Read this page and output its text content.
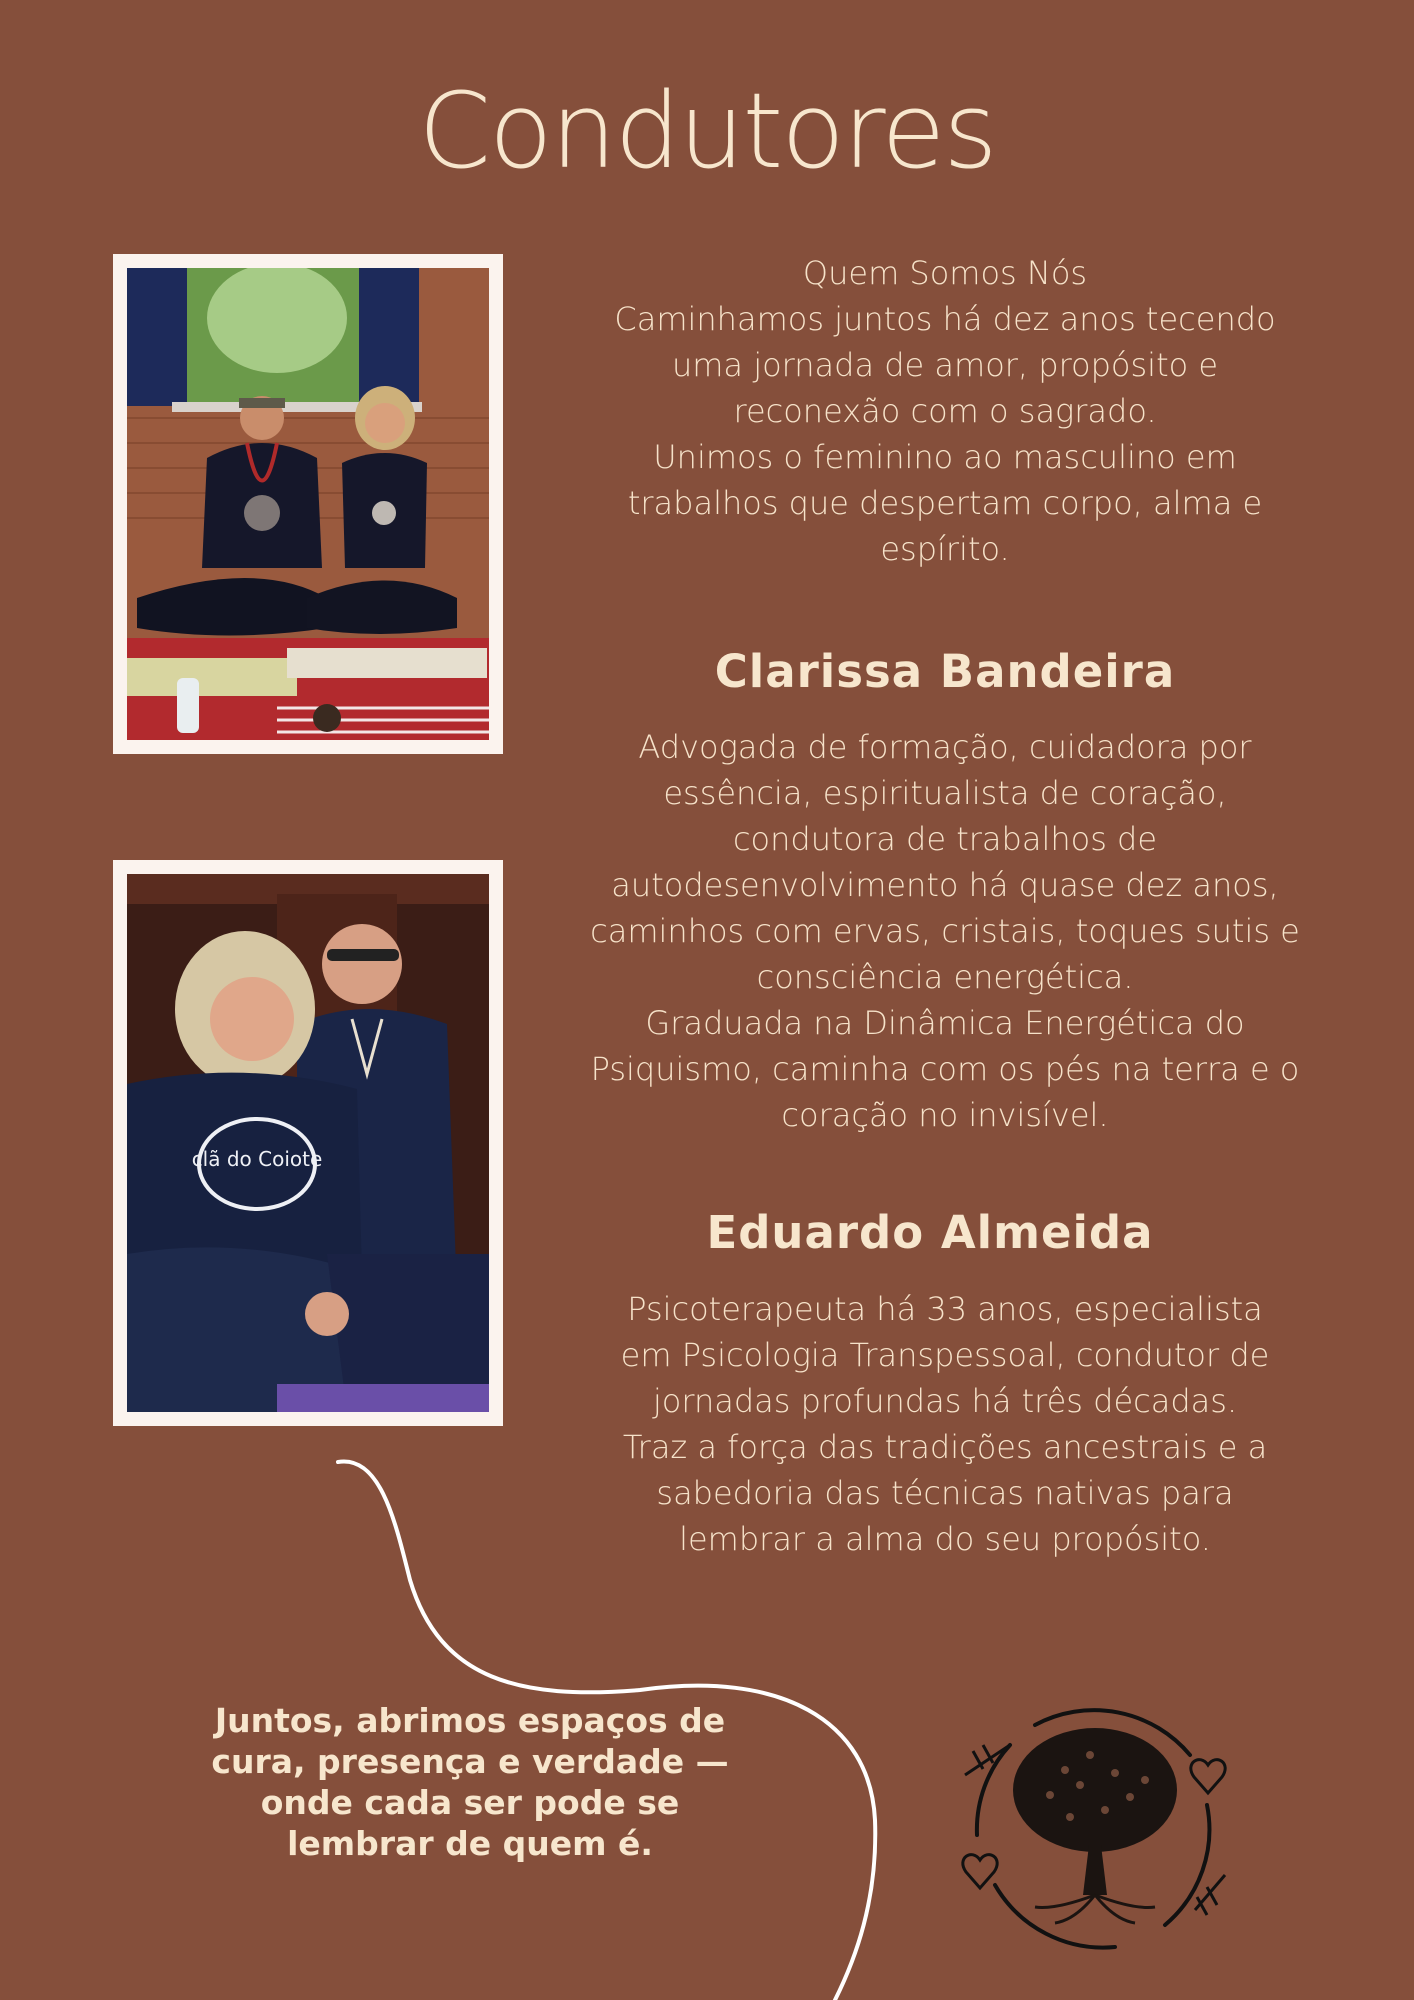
Condutores
clã do Coiote

Quem Somos Nós
Caminhamos juntos há dez anos tecendo
uma jornada de amor, propósito e
reconexão com o sagrado.
Unimos o feminino ao masculino em
trabalhos que despertam corpo, alma e
espírito.

Clarissa Bandeira

Advogada de formação, cuidadora por
essência, espiritualista de coração,
condutora de trabalhos de
autodesenvolvimento há quase dez anos,
caminhos com ervas, cristais, toques sutis e
consciência energética.
Graduada na Dinâmica Energética do
Psiquismo, caminha com os pés na terra e o
coração no invisível.

Eduardo Almeida

Psicoterapeuta há 33 anos, especialista
em Psicologia Transpessoal, condutor de
jornadas profundas há três décadas.
Traz a força das tradições ancestrais e a
sabedoria das técnicas nativas para
lembrar a alma do seu propósito.

Juntos, abrimos espaços de
cura, presença e verdade —
onde cada ser pode se
lembrar de quem é.
